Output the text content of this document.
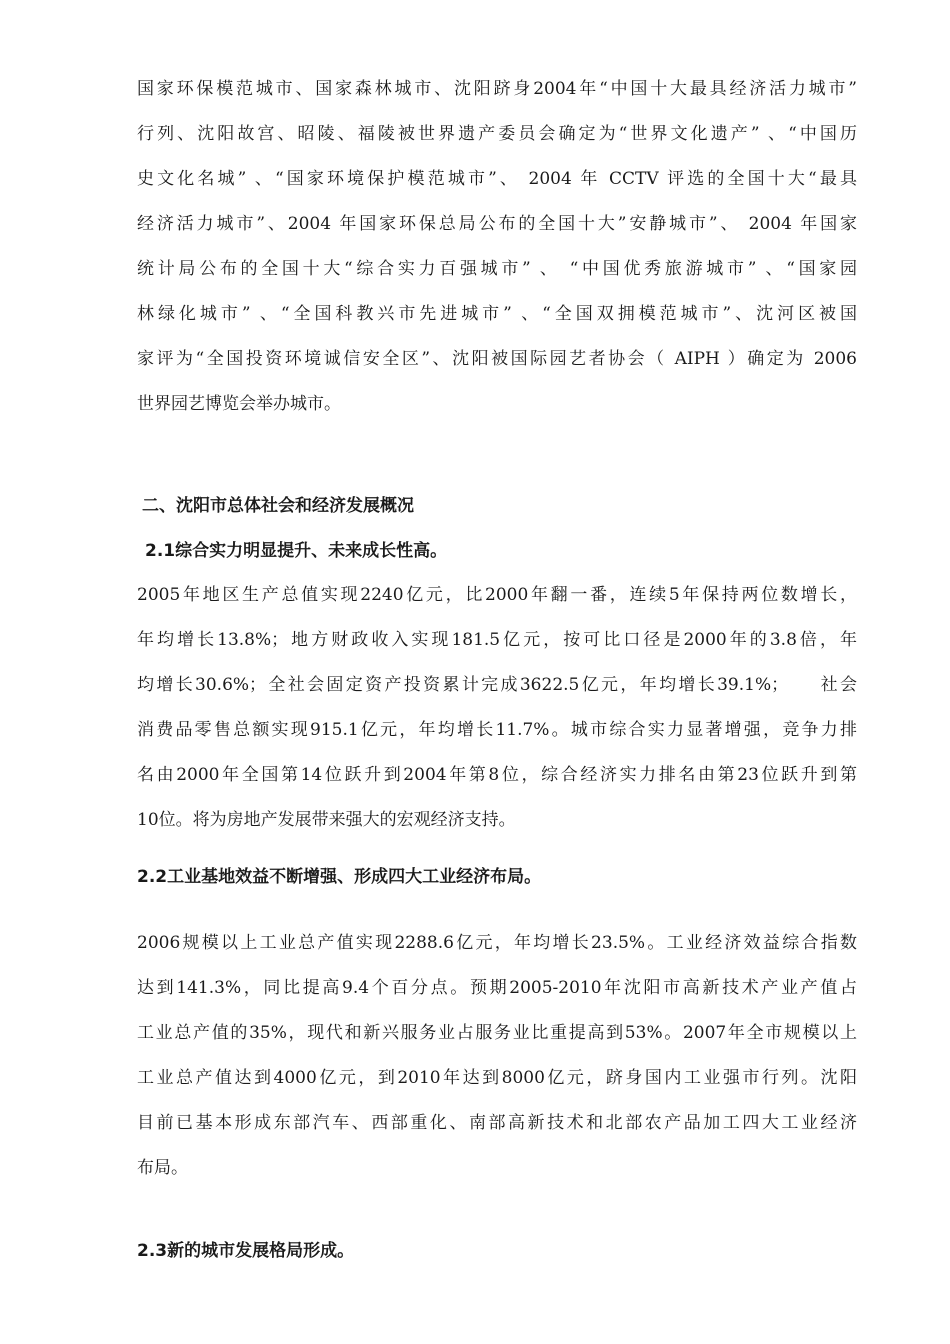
国家环保模范城市、国家森林城市、沈阳跻身2004年“中国十大最具经济活力城市”
行列、沈阳故宫、昭陵、福陵被世界遗产委员会确定为“世界文化遗产” 、“中国历
史文化名城” 、“国家环境保护模范城市”、 2004 年 CCTV 评选的全国十大“最具
经济活力城市”、2004 年国家环保总局公布的全国十大”安静城市”、 2004 年国家
统计局公布的全国十大“综合实力百强城市” 、 “中国优秀旅游城市” 、“国家园
林绿化城市” 、“全国科教兴市先进城市” 、“全国双拥模范城市”、沈河区被国
家评为“全国投资环境诚信安全区”、沈阳被国际园艺者协会（ AIPH ）确定为 2006
世界园艺博览会举办城市。
二、沈阳市总体社会和经济发展概况
2.1综合实力明显提升、未来成长性高。
2005年地区生产总值实现2240亿元，比2000年翻一番，连续5年保持两位数增长，
年均增长13.8%；地方财政收入实现181.5亿元，按可比口径是2000年的3.8倍，年
均增长30.6%；全社会固定资产投资累计完成3622.5亿元，年均增长39.1%；　　社会
消费品零售总额实现915.1亿元，年均增长11.7%。城市综合实力显著增强，竞争力排
名由2000年全国第14位跃升到2004年第8位，综合经济实力排名由第23位跃升到第
10位。将为房地产发展带来强大的宏观经济支持。
2.2工业基地效益不断增强、形成四大工业经济布局。
2006规模以上工业总产值实现2288.6亿元，年均增长23.5%。工业经济效益综合指数
达到141.3%，同比提高9.4个百分点。预期2005-2010年沈阳市高新技术产业产值占
工业总产值的35%，现代和新兴服务业占服务业比重提高到53%。2007年全市规模以上
工业总产值达到4000亿元，到2010年达到8000亿元，跻身国内工业强市行列。沈阳
目前已基本形成东部汽车、西部重化、南部高新技术和北部农产品加工四大工业经济
布局。
2.3新的城市发展格局形成。
